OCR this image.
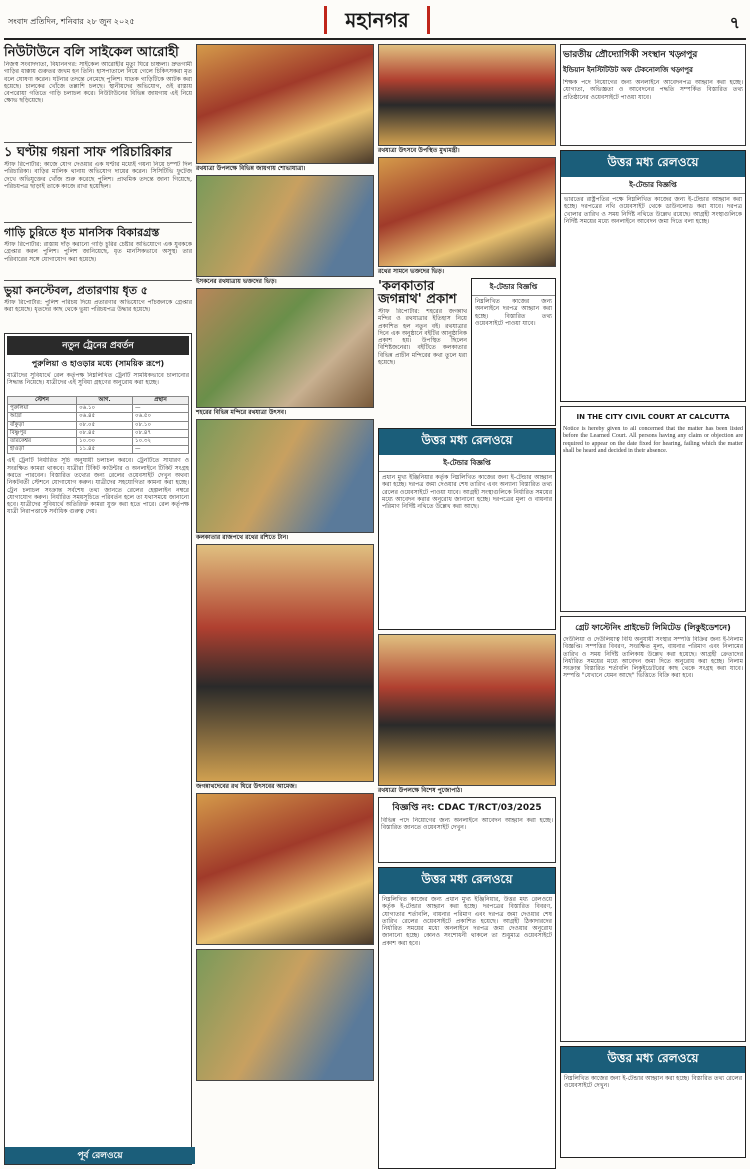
সংবাদ প্রতিদিন, শনিবার ২৮ জুন ২০২৫	মহানগর	৭
নিউটাউনে বলি সাইকেল আরোহী
নিজস্ব সংবাদদাতা, বিধাননগর: সাইকেল আরোহীর মৃত্যু ঘিরে চাঞ্চল্য। দ্রুতগামী গাড়ির ধাক্কায় গুরুতর জখম হন তিনি। হাসপাতালে নিয়ে গেলে চিকিৎসকরা মৃত বলে ঘোষণা করেন। ঘটনার তদন্তে নেমেছে পুলিশ। ঘাতক গাড়িটিকে আটক করা হয়েছে। চালকের খোঁজে তল্লাশি চলছে। স্থানীয়দের অভিযোগ, ওই রাস্তায় বেপরোয়া গতিতে গাড়ি চলাচল করে। নিউটাউনের বিভিন্ন জায়গায় এই নিয়ে ক্ষোভ ছড়িয়েছে।
১ ঘণ্টায় গয়না সাফ পরিচারিকার
স্টাফ রিপোর্টার: কাজে যোগ দেওয়ার এক ঘণ্টার মধ্যেই গয়না নিয়ে চম্পট দিল পরিচারিকা। বাড়ির মালিক থানায় অভিযোগ দায়ের করেন। সিসিটিভি ফুটেজ দেখে অভিযুক্তের খোঁজ শুরু করেছে পুলিশ। প্রাথমিক তদন্তে জানা গিয়েছে, পরিচয়পত্র ছাড়াই তাকে কাজে রাখা হয়েছিল।
গাড়ি চুরিতে ধৃত মানসিক বিকারগ্রস্ত
স্টাফ রিপোর্টার: রাস্তায় দাঁড় করানো গাড়ি চুরির চেষ্টার অভিযোগে এক যুবককে গ্রেপ্তার করল পুলিশ। পুলিশ জানিয়েছে, ধৃত মানসিকভাবে অসুস্থ। তার পরিবারের সঙ্গে যোগাযোগ করা হয়েছে।
ভুয়া কনস্টেবল, প্রতারণায় ধৃত ৫
স্টাফ রিপোর্টার: পুলিশ পরিচয় দিয়ে প্রতারণার অভিযোগে পাঁচজনকে গ্রেপ্তার করা হয়েছে। ধৃতদের কাছ থেকে ভুয়া পরিচয়পত্র উদ্ধার হয়েছে।
নতুন ট্রেনের প্রবর্তন
পুরুলিয়া ও হাওড়ার মধ্যে (সাময়িক রূপে)
যাত্রীদের সুবিধার্থে রেল কর্তৃপক্ষ নিম্নলিখিত ট্রেনটি সাময়িকভাবে চালানোর সিদ্ধান্ত নিয়েছে। যাত্রীদের এই সুবিধা গ্রহণের অনুরোধ করা হচ্ছে।
স্টেশন	আগ.	প্রস্থান
পুরুলিয়া	০৬.১০	—
আদ্রা	০৬.৪৫	০৬.৫০
বাঁকুড়া	০৮.০৫	০৮.১০
বিষ্ণুপুর	০৮.৪৫	০৮.৪৭
তারকেশ্বর	১০.৩০	১০.৩২
হাওড়া	১১.৪৫	—
এই ট্রেনটি নির্ধারিত সূচি অনুযায়ী চলাচল করবে। ট্রেনটিতে সাধারণ ও সংরক্ষিত কামরা থাকবে। যাত্রীরা টিকিট কাউন্টার ও অনলাইনে টিকিট সংগ্রহ করতে পারবেন। বিস্তারিত তথ্যের জন্য রেলের ওয়েবসাইট দেখুন অথবা নিকটবর্তী স্টেশনে যোগাযোগ করুন। যাত্রীদের সহযোগিতা কামনা করা হচ্ছে। ট্রেন চলাচল সংক্রান্ত সর্বশেষ তথ্য জানতে রেলের হেল্পলাইন নম্বরে যোগাযোগ করুন। নির্ধারিত সময়সূচিতে পরিবর্তন হলে তা যথাসময়ে জানানো হবে। যাত্রীদের সুবিধার্থে অতিরিক্ত কামরা যুক্ত করা হতে পারে। রেল কর্তৃপক্ষ যাত্রী নিরাপত্তাকে সর্বাধিক গুরুত্ব দেয়।
পূর্ব রেলওয়ে
রথযাত্রা উপলক্ষে বিভিন্ন জায়গায় শোভাযাত্রা।
ইসকনের রথযাত্রায় ভক্তদের ভিড়।
শহরের বিভিন্ন মন্দিরে রথযাত্রা উৎসব।
কলকাতার রাজপথে রথের রশিতে টান।
জগন্নাথদেবের রথ ঘিরে উৎসবের আমেজ।
রথযাত্রা উৎসবে উপস্থিত মুখ্যমন্ত্রী।
রথের সামনে ভক্তদের ভিড়।
'কলকাতার জগন্নাথ' প্রকাশ
স্টাফ রিপোর্টার: শহরের জগন্নাথ মন্দির ও রথযাত্রার ইতিহাস নিয়ে প্রকাশিত হল নতুন বই। রথযাত্রার দিনে এক অনুষ্ঠানে বইটির আনুষ্ঠানিক প্রকাশ হয়। উপস্থিত ছিলেন বিশিষ্টজনেরা। বইটিতে কলকাতার বিভিন্ন প্রাচীন মন্দিরের কথা তুলে ধরা হয়েছে।
ই-টেন্ডার বিজ্ঞপ্তি
নিম্নলিখিত কাজের জন্য অনলাইনে দরপত্র আহ্বান করা হচ্ছে। বিস্তারিত তথ্য ওয়েবসাইটে পাওয়া যাবে।
উত্তর মধ্য রেলওয়ে
ই-টেন্ডার বিজ্ঞপ্তি
প্রধান মুখ্য ইঞ্জিনিয়ার কর্তৃক নিম্নলিখিত কাজের জন্য ই-টেন্ডার আহ্বান করা হচ্ছে। দরপত্র জমা দেওয়ার শেষ তারিখ এবং অন্যান্য বিস্তারিত তথ্য রেলের ওয়েবসাইটে পাওয়া যাবে। আগ্রহী সংস্থাগুলিকে নির্ধারিত সময়ের মধ্যে আবেদন করার অনুরোধ জানানো হচ্ছে। দরপত্রের মূল্য ও বায়নার পরিমাণ নির্দিষ্ট নথিতে উল্লেখ করা আছে।
রথযাত্রা উপলক্ষে বিশেষ পুজোপাঠ।
বিজ্ঞপ্তি নং: CDAC T/RCT/03/2025
বিভিন্ন পদে নিয়োগের জন্য অনলাইনে আবেদন আহ্বান করা হচ্ছে। বিস্তারিত জানতে ওয়েবসাইট দেখুন।
উত্তর মধ্য রেলওয়ে
নিম্নলিখিত কাজের জন্য প্রধান মুখ্য ইঞ্জিনিয়ার, উত্তর মধ্য রেলওয়ে কর্তৃক ই-টেন্ডার আহ্বান করা হচ্ছে। দরপত্রের বিস্তারিত বিবরণ, যোগ্যতার শর্তাবলি, বায়নার পরিমাণ এবং দরপত্র জমা দেওয়ার শেষ তারিখ রেলের ওয়েবসাইটে প্রকাশিত হয়েছে। আগ্রহী ঠিকাদারদের নির্ধারিত সময়ের মধ্যে অনলাইনে দরপত্র জমা দেওয়ার অনুরোধ জানানো হচ্ছে। কোনও সংশোধনী থাকলে তা শুধুমাত্র ওয়েবসাইটে প্রকাশ করা হবে।
ভারতীয় প্রৌদ্যোগিকী সংস্থান খড়্গপুর
ইন্ডিয়ান ইনস্টিটিউট অফ টেকনোলজি খড়্গপুর
শিক্ষক পদে নিয়োগের জন্য অনলাইনে আবেদনপত্র আহ্বান করা হচ্ছে। যোগ্যতা, অভিজ্ঞতা ও আবেদনের পদ্ধতি সম্পর্কিত বিস্তারিত তথ্য প্রতিষ্ঠানের ওয়েবসাইটে পাওয়া যাবে।
উত্তর মধ্য রেলওয়ে
ই-টেন্ডার বিজ্ঞপ্তি
ভারতের রাষ্ট্রপতির পক্ষে নিম্নলিখিত কাজের জন্য ই-টেন্ডার আহ্বান করা হচ্ছে। দরপত্রের নথি ওয়েবসাইট থেকে ডাউনলোড করা যাবে। দরপত্র খোলার তারিখ ও সময় নির্দিষ্ট নথিতে উল্লেখ রয়েছে। আগ্রহী সংস্থাগুলিকে নির্দিষ্ট সময়ের মধ্যে অনলাইনে আবেদন জমা দিতে বলা হচ্ছে।
IN THE CITY CIVIL COURT AT CALCUTTA
Notice is hereby given to all concerned that the matter has been listed before the Learned Court. All persons having any claim or objection are required to appear on the date fixed for hearing, failing which the matter shall be heard and decided in their absence.
গ্রেট ফাস্টেনিং প্রাইভেট লিমিটেড (লিকুইডেশনে)
দেউলিয়া ও দেউলিয়াত্ব বিধি অনুযায়ী সংস্থার সম্পত্তি বিক্রির জন্য ই-নিলাম বিজ্ঞপ্তি। সম্পত্তির বিবরণ, সংরক্ষিত মূল্য, বায়নার পরিমাণ এবং নিলামের তারিখ ও সময় নির্দিষ্ট তালিকায় উল্লেখ করা হয়েছে। আগ্রহী ক্রেতাদের নির্ধারিত সময়ের মধ্যে আবেদন জমা দিতে অনুরোধ করা হচ্ছে। নিলাম সংক্রান্ত বিস্তারিত শর্তাবলি লিকুইডেটরের কাছ থেকে সংগ্রহ করা যাবে। সম্পত্তি "যেখানে যেমন আছে" ভিত্তিতে বিক্রি করা হবে।
উত্তর মধ্য রেলওয়ে
নিম্নলিখিত কাজের জন্য ই-টেন্ডার আহ্বান করা হচ্ছে। বিস্তারিত তথ্য রেলের ওয়েবসাইটে দেখুন।
